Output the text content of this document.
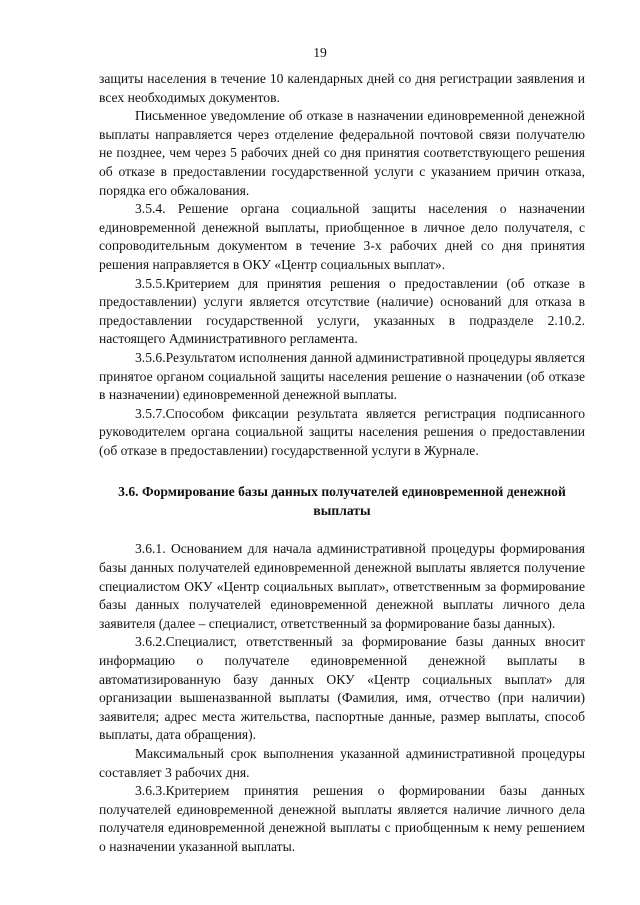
19

защиты населения в течение 10 календарных дней со дня регистрации заявления и всех необходимых документов.

Письменное уведомление об отказе в назначении единовременной денежной выплаты направляется через отделение федеральной почтовой связи получателю не позднее, чем через 5 рабочих дней со дня принятия соответствующего решения об отказе в предоставлении государственной услуги с указанием причин отказа, порядка его обжалования.

3.5.4. Решение органа социальной защиты населения о назначении единовременной денежной выплаты, приобщенное в личное дело получателя, с сопроводительным документом в течение 3-х рабочих дней со дня принятия решения направляется в ОКУ «Центр социальных выплат».

3.5.5.Критерием для принятия решения о предоставлении (об отказе в предоставлении) услуги является отсутствие (наличие) оснований для отказа в предоставлении государственной услуги, указанных в подразделе 2.10.2. настоящего Административного регламента.

3.5.6.Результатом исполнения данной административной процедуры является принятое органом социальной защиты населения решение о назначении (об отказе в назначении) единовременной денежной выплаты.

3.5.7.Способом фиксации результата является регистрация подписанного руководителем органа социальной защиты населения решения о предоставлении (об отказе в предоставлении) государственной услуги в Журнале.

3.6. Формирование базы данных получателей единовременной денежной выплаты

3.6.1. Основанием для начала административной процедуры формирования базы данных получателей единовременной денежной выплаты является получение специалистом ОКУ «Центр социальных выплат», ответственным за формирование базы данных получателей единовременной денежной выплаты личного дела заявителя (далее – специалист, ответственный за формирование базы данных).

3.6.2.Специалист, ответственный за формирование базы данных вносит информацию о получателе единовременной денежной выплаты в автоматизированную базу данных ОКУ «Центр социальных выплат» для организации вышеназванной выплаты (Фамилия, имя, отчество (при наличии) заявителя; адрес места жительства, паспортные данные, размер выплаты, способ выплаты, дата обращения).

Максимальный срок выполнения указанной административной процедуры составляет 3 рабочих дня.

3.6.3.Критерием принятия решения о формировании базы данных получателей единовременной денежной выплаты является наличие личного дела получателя единовременной денежной выплаты с приобщенным к нему решением о назначении указанной выплаты.
